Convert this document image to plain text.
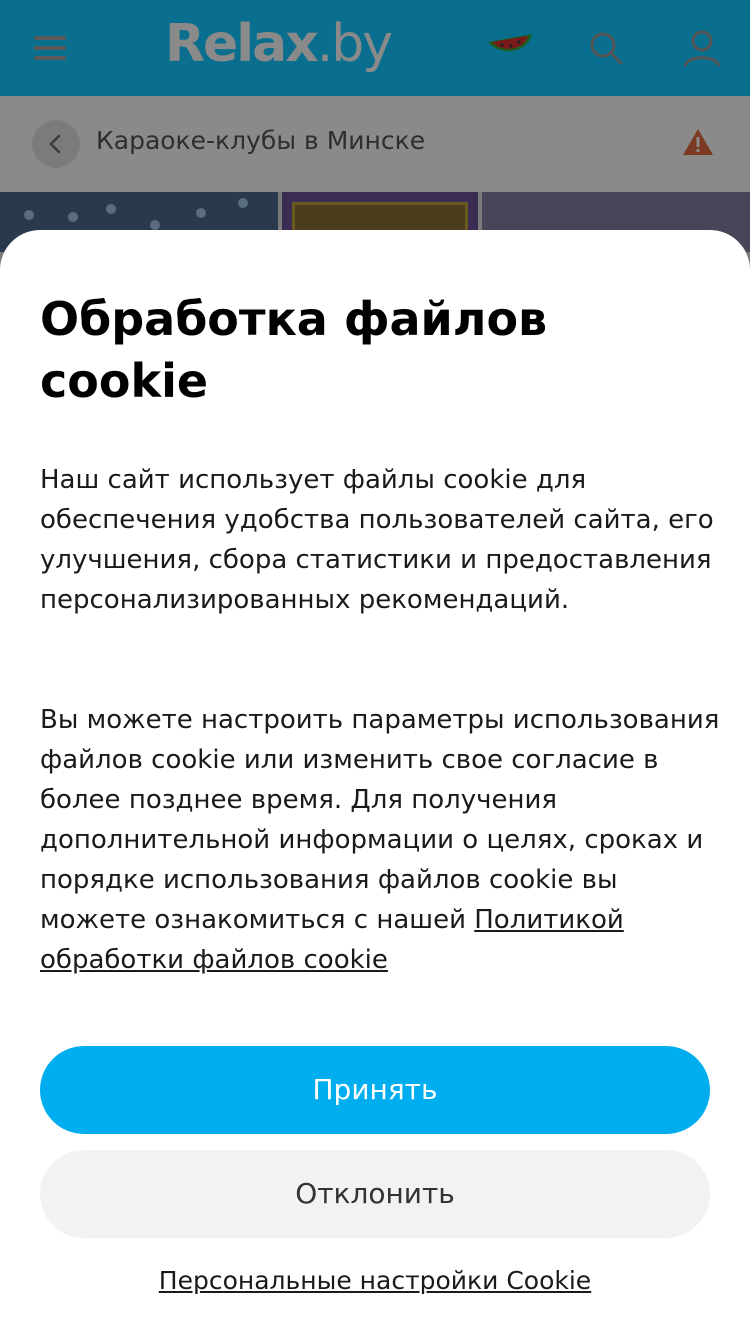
Relax.by
Караоке-клубы в Минске
Обработка файлов cookie
Наш сайт использует файлы cookie для обеспечения удобства пользователей сайта, его улучшения, сбора статистики и предоставления персонализированных рекомендаций.
Вы можете настроить параметры использования файлов cookie или изменить свое согласие в более позднее время. Для получения дополнительной информации о целях, сроках и порядке использования файлов cookie вы можете ознакомиться с нашей Политикой обработки файлов cookie
Принять
Отклонить
Персональные настройки Cookie
